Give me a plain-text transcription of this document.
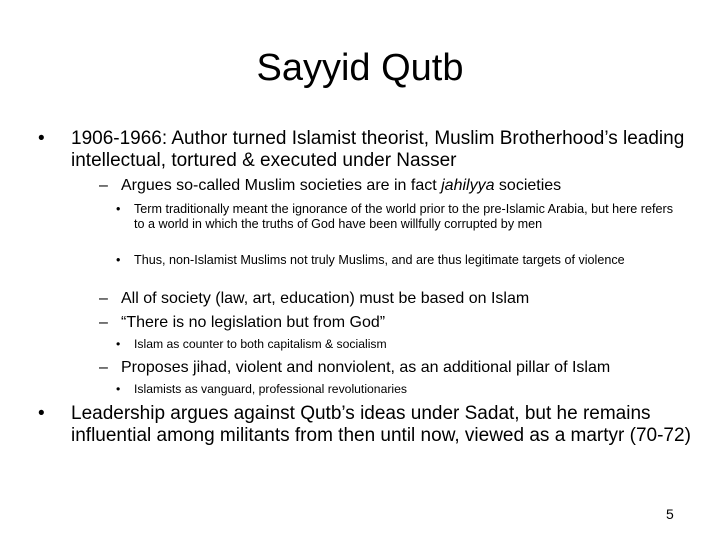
Sayyid Qutb
•	1906-1966: Author turned Islamist theorist, Muslim Brotherhood’s leading intellectual, tortured & executed under Nasser
– Argues so-called Muslim societies are in fact jahilyya societies
•	Term traditionally meant the ignorance of the world prior to the pre-Islamic Arabia, but here refers to a world in which the truths of God have been willfully corrupted by men
•	Thus, non-Islamist Muslims not truly Muslims, and are thus legitimate targets of violence
– All of society (law, art, education) must be based on Islam
– “There is no legislation but from God”
•	Islam as counter to both capitalism & socialism
– Proposes jihad, violent and nonviolent, as an additional pillar of Islam
•	Islamists as vanguard, professional revolutionaries
•	Leadership argues against Qutb’s ideas under Sadat, but he remains influential among militants from then until now, viewed as a martyr (70-72)
5
